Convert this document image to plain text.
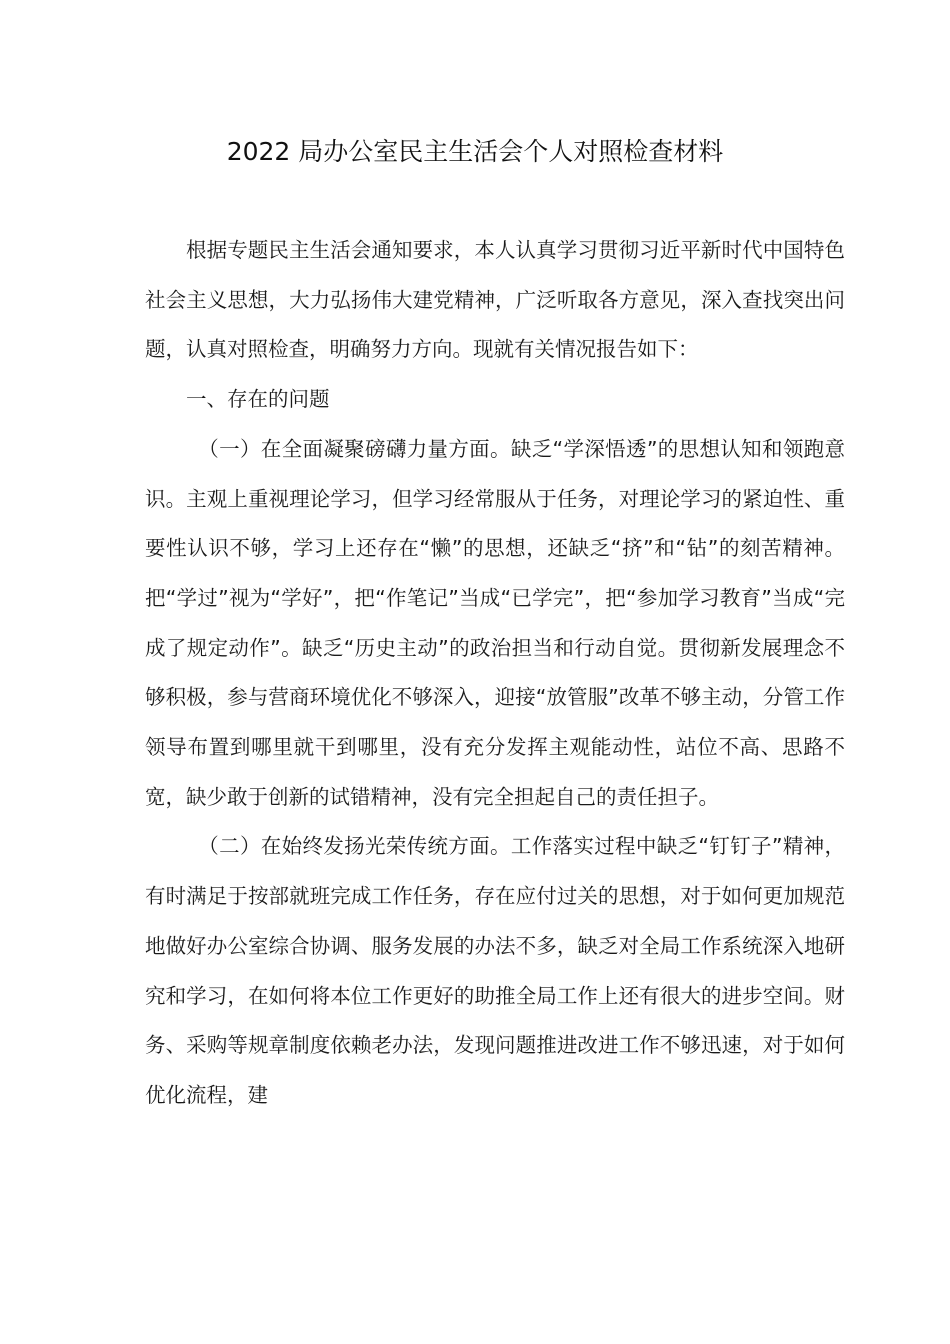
2022 局办公室民主生活会个人对照检查材料

根据专题民主生活会通知要求，本人认真学习贯彻习近平新时代中国特色社会主义思想，大力弘扬伟大建党精神，广泛听取各方意见，深入查找突出问题，认真对照检查，明确努力方向。现就有关情况报告如下：

一、存在的问题

（一）在全面凝聚磅礴力量方面。缺乏“学深悟透”的思想认知和领跑意识。主观上重视理论学习，但学习经常服从于任务，对理论学习的紧迫性、重要性认识不够，学习上还存在“懒”的思想，还缺乏“挤”和“钻”的刻苦精神。把“学过”视为“学好”，把“作笔记”当成“已学完”，把“参加学习教育”当成“完成了规定动作”。缺乏“历史主动”的政治担当和行动自觉。贯彻新发展理念不够积极，参与营商环境优化不够深入，迎接“放管服”改革不够主动，分管工作领导布置到哪里就干到哪里，没有充分发挥主观能动性，站位不高、思路不宽，缺少敢于创新的试错精神，没有完全担起自己的责任担子。

（二）在始终发扬光荣传统方面。工作落实过程中缺乏“钉钉子”精神，有时满足于按部就班完成工作任务，存在应付过关的思想，对于如何更加规范地做好办公室综合协调、服务发展的办法不多，缺乏对全局工作系统深入地研究和学习，在如何将本位工作更好的助推全局工作上还有很大的进步空间。财务、采购等规章制度依赖老办法，发现问题推进改进工作不够迅速，对于如何优化流程，建
